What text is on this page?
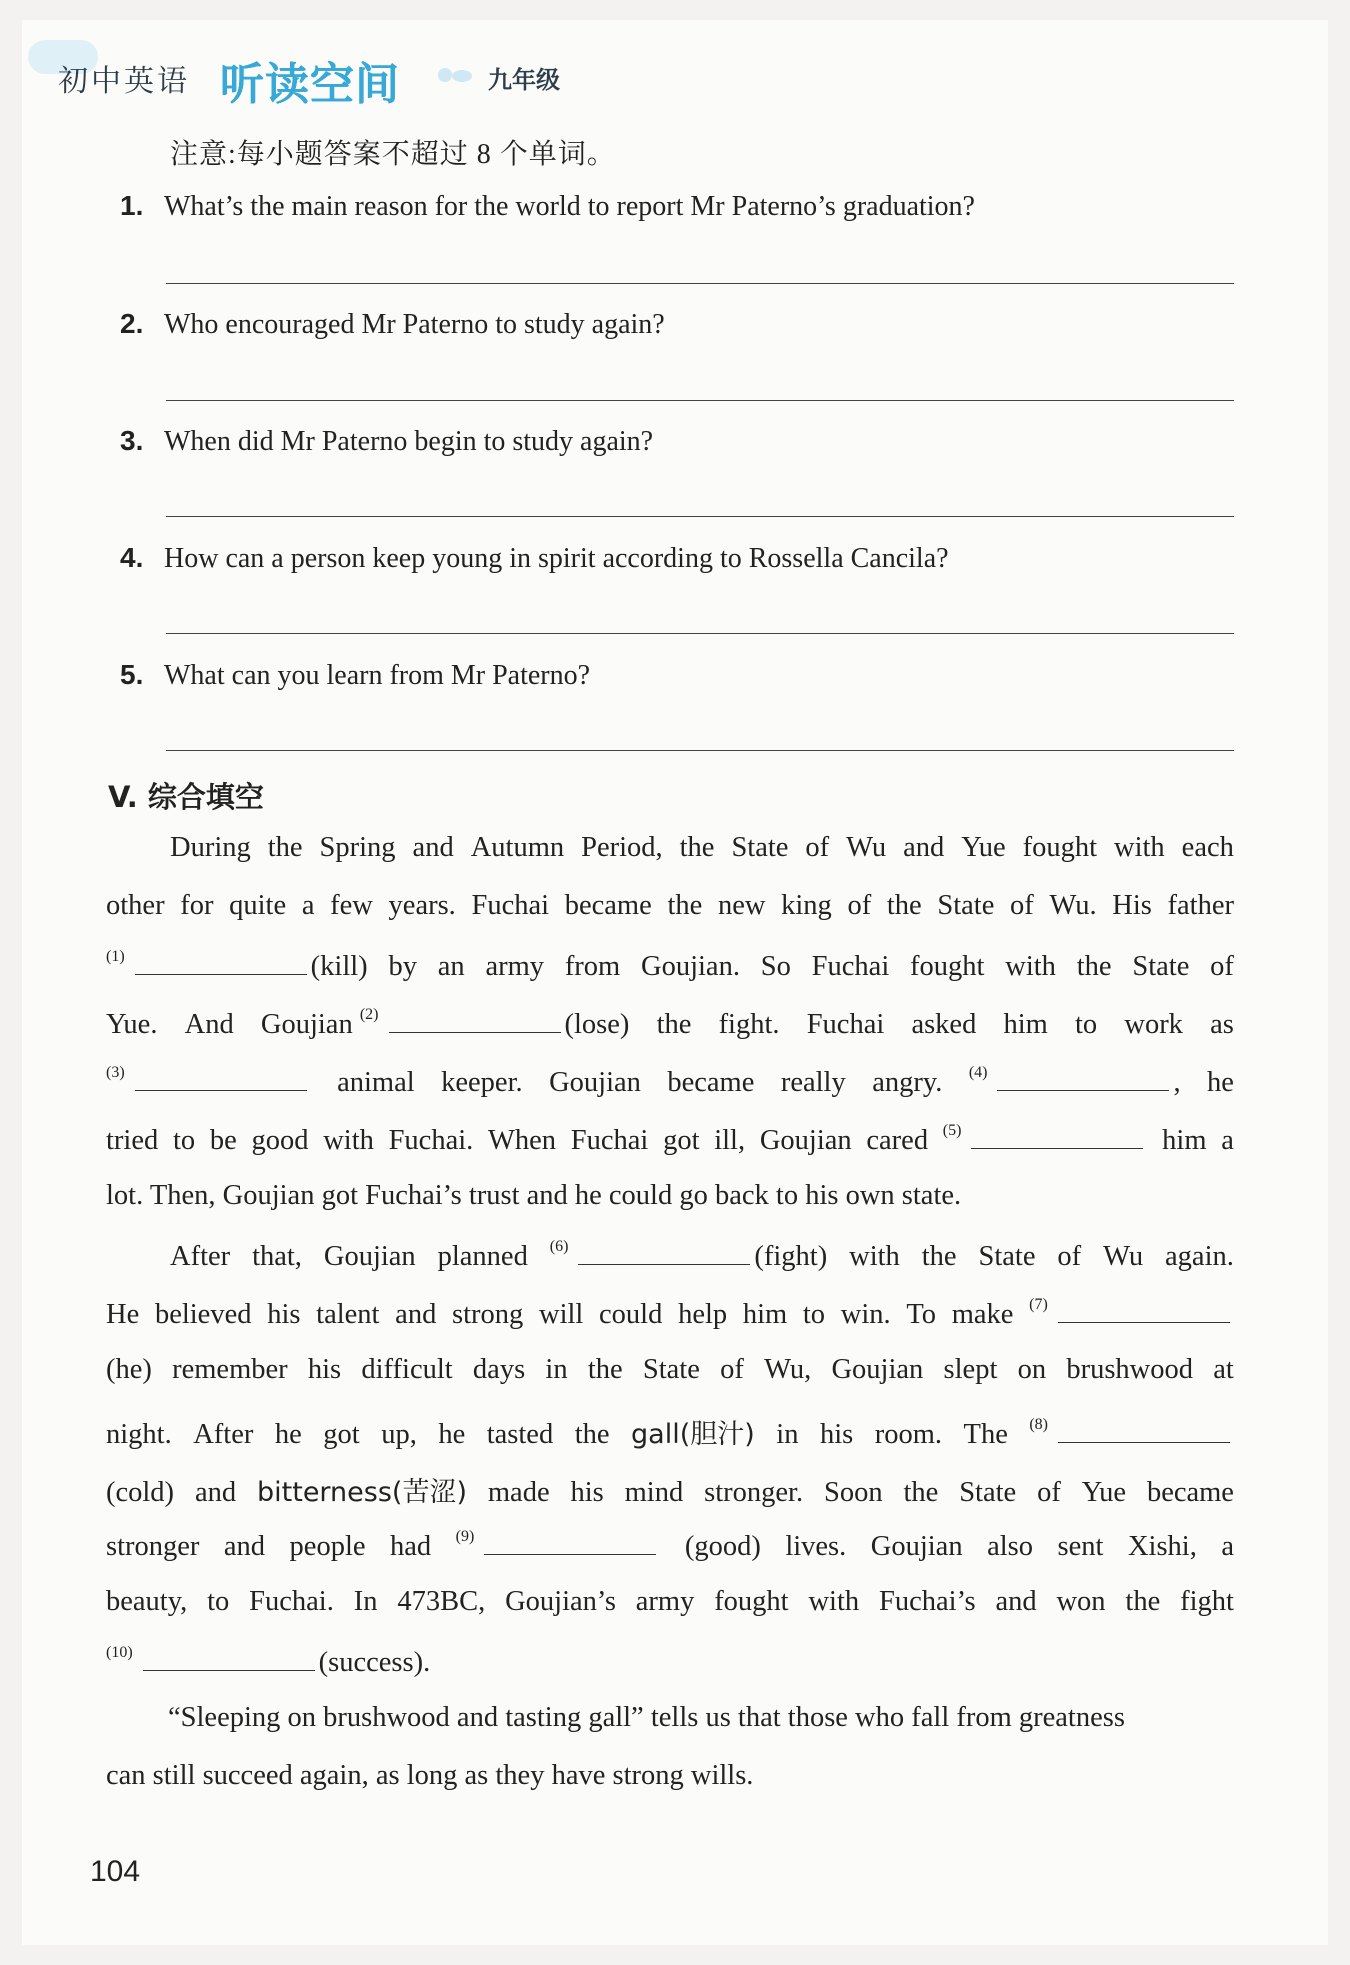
初中英语 听读空间	九年级
注意:每小题答案不超过 8 个单词。
1. What’s the main reason for the world to report Mr Paterno’s graduation?
2. Who encouraged Mr Paterno to study again?
3. When did Mr Paterno begin to study again?
4. How can a person keep young in spirit according to Rossella Cancila?
5. What can you learn from Mr Paterno?
V. 综合填空
During the Spring and Autumn Period, the State of Wu and Yue fought with each
other for quite a few years. Fuchai became the new king of the State of Wu. His father
$^{(1)}$	(kill) by an army from Goujian. So Fuchai fought with the State of
Yue. And Goujian $^{(2)}$	(lose) the fight. Fuchai asked him to work as
$^{(3)}$	animal keeper. Goujian became really angry. $^{(4)}$	, he
tried to be good with Fuchai. When Fuchai got ill, Goujian cared $^{(5)}$	him a
lot. Then, Goujian got Fuchai’s trust and he could go back to his own state.
After that, Goujian planned $^{(6)}$	(fight) with the State of Wu again.
He believed his talent and strong will could help him to win. To make $^{(7)}$
(he) remember his difficult days in the State of Wu, Goujian slept on brushwood at
night. After he got up, he tasted the gall(胆汁) in his room. The $^{(8)}$
(cold) and bitterness(苦涩) made his mind stronger. Soon the State of Yue became
stronger and people had $^{(9)}$	(good) lives. Goujian also sent Xishi, a
beauty, to Fuchai. In 473BC, Goujian’s army fought with Fuchai’s and won the fight
$^{(10)}$	(success).
“Sleeping on brushwood and tasting gall” tells us that those who fall from greatness
can still succeed again, as long as they have strong wills.
104
